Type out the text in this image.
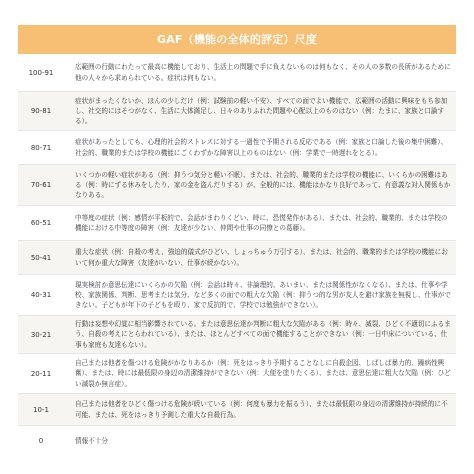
GAF（機能の全体的評定）尺度
100-91
広範囲の行動にわたって最高に機能しており、生活上の問題で手に負えないものは何もなく、その人の多数の長所があるために他の人々から求められている。症状は何もない。
90-81
症状がまったくないか、ほんの少しだけ（例：試験前の軽い不安）、すべての面でよい機能で、広範囲の活動に興味をもち参加し、社交的にはそつがなく、生活に大体満足し、日々のありふれた問題や心配以上のものはない（例：たまに、家族と口論する）。
80-71
症状があったとしても、心理的社会的ストレスに対する一過性で予期される反応である（例：家族と口論した後の集中困難）、社会的、職業的または学校の機能にごくわずかな障害以上のものはない（例：学業で一時遅れをとる）。
70-61
いくつかの軽い症状がある（例：抑うつ気分と軽い不眠）、または、社会的、職業的または学校の機能に、いくらかの困難はある（例：時にずる休みをしたり、家の金を盗んだりする）が、全般的には、機能はかなり良好であって、有意義な対人関係もかなりある。
60-51
中等度の症状（例：感情が平板的で、会話がまわりくどい、時に、恐慌発作がある）、または、社会的、職業的、または学校の機能における中等度の障害（例：友達が少ない、仲間や仕事の同僚との葛藤）。
50-41
重大な症状（例：自殺の考え、強迫的儀式がひどい、しょっちゅう万引する）、または、社会的、職業的または学校の機能において何か重大な障害（友達がいない、仕事が続かない）。
40-31
現実検討か意思伝達にいくらかの欠陥（例：会話は時々、非論理的、あいまい、または関係性がなくなる）、または、仕事や学校、家族関係、判断、思考または気分、など多くの面での粗大な欠陥（例：抑うつ的な男が友人を避け家族を無視し、仕事ができない。子どもが年下の子どもを殴り、家で反抗的で、学校では勉強ができない）。
30-21
行動は妄想や幻覚に相当影響されている。または意思伝達か判断に粗大な欠陥がある（例：時々、滅裂、ひどく不適切にふるまう、自殺の考えにとらわれている）、または、ほとんどすべての面で機能することができない（例：一日中床についている、仕事も家庭も友達もない）。
20-11
自己または他者を傷つける危険がかなりあるか（例：死をはっきり予期することなしに自殺企図、しばしば暴力的、躁病性興奮）、または、時には最低限の身辺の清潔維持ができない（例：大便を塗りたくる）、または、意思伝達に粗大な欠陥（例：ひどい滅裂か無言症）。
10-1
自己または他者をひどく傷つける危険が続いている（例：何度も暴力を振るう）、または最低限の身辺の清潔維持が持続的に不可能、または、死をはっきり予測した重大な自殺行為。
0	情報不十分
